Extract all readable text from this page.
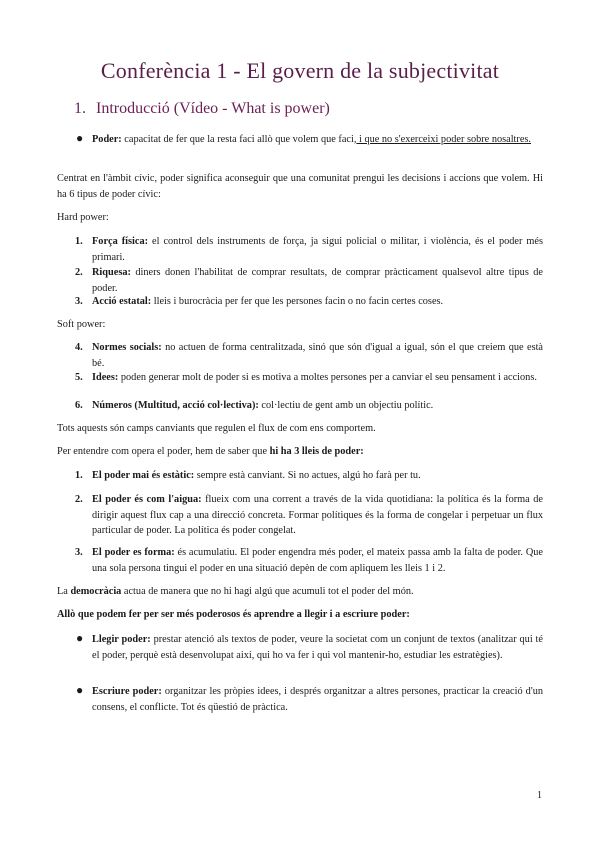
Conferència 1 - El govern de la subjectivitat
1. Introducció (Vídeo - What is power)
● Poder: capacitat de fer que la resta faci allò que volem que faci, i que no s'exerceixi poder sobre nosaltres.

Centrat en l'àmbit cívic, poder significa aconseguir que una comunitat prengui les decisions i accions que volem. Hi ha 6 tipus de poder cívic:

Hard power:

1. Força física: el control dels instruments de força, ja sigui policial o militar, i violència, és el poder més primari.
2. Riquesa: diners donen l'habilitat de comprar resultats, de comprar pràcticament qualsevol altre tipus de poder.
3. Acció estatal: lleis i burocràcia per fer que les persones facin o no facin certes coses.

Soft power:

4. Normes socials: no actuen de forma centralitzada, sinó que són d'igual a igual, són el que creiem que està bé.
5. Idees: poden generar molt de poder si es motiva a moltes persones per a canviar el seu pensament i accions.
6. Números (Multitud, acció col·lectiva): col·lectiu de gent amb un objectiu polític.

Tots aquests són camps canviants que regulen el flux de com ens comportem.

Per entendre com opera el poder, hem de saber que hi ha 3 lleis de poder:

1. El poder mai és estàtic: sempre està canviant. Si no actues, algú ho farà per tu.
2. El poder és com l'aigua: flueix com una corrent a través de la vida quotidiana: la política és la forma de dirigir aquest flux cap a una direcció concreta. Formar polítiques és la forma de congelar i perpetuar un flux particular de poder. La política és poder congelat.
3. El poder es forma: és acumulatiu. El poder engendra més poder, el mateix passa amb la falta de poder. Que una sola persona tingui el poder en una situació depèn de com apliquem les lleis 1 i 2.

La democràcia actua de manera que no hi hagi algú que acumuli tot el poder del món.

Allò que podem fer per ser més poderosos és aprendre a llegir i a escriure poder:

● Llegir poder: prestar atenció als textos de poder, veure la societat com un conjunt de textos (analitzar qui té el poder, perquè està desenvolupat així, qui ho va fer i qui vol mantenir-ho, estudiar les estratègies).
● Escriure poder: organitzar les pròpies idees, i després organitzar a altres persones, practicar la creació d'un consens, el conflicte. Tot és qüestió de pràctica.
1
